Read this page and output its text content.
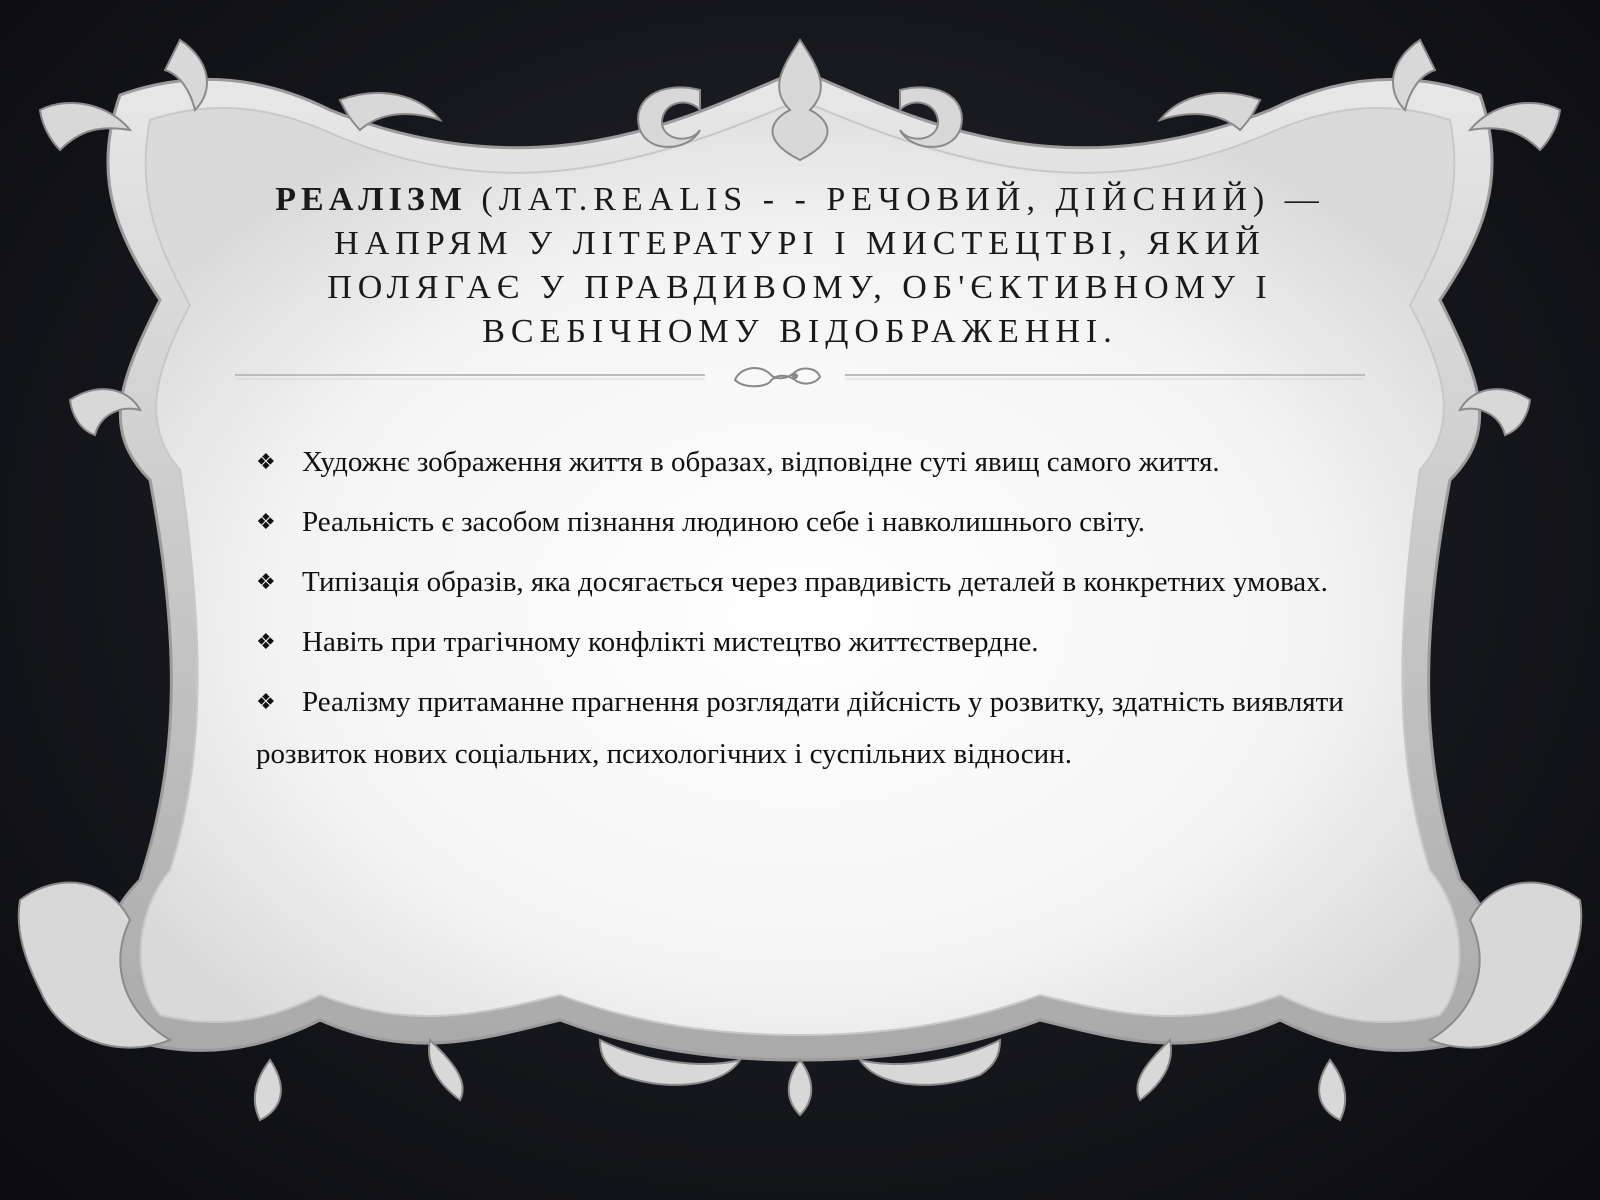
РЕАЛІЗМ (ЛАТ.REALIS - - РЕЧОВИЙ, ДІЙСНИЙ) — НАПРЯМ У ЛІТЕРАТУРІ І МИСТЕЦТВІ, ЯКИЙ ПОЛЯГАЄ У ПРАВДИВОМУ, ОБ'ЄКТИВНОМУ І ВСЕБІЧНОМУ ВІДОБРАЖЕННІ.
❖ Художнє зображення життя в образах, відповідне суті явищ самого життя.
❖ Реальність є засобом пізнання людиною себе і навколишнього світу.
❖ Типізація образів, яка досягається через правдивість деталей в конкретних умовах.
❖ Навіть при трагічному конфлікті мистецтво життєствердне.
❖ Реалізму притаманне прагнення розглядати дійсність у розвитку, здатність виявляти розвиток нових соціальних, психологічних і суспільних відносин.
